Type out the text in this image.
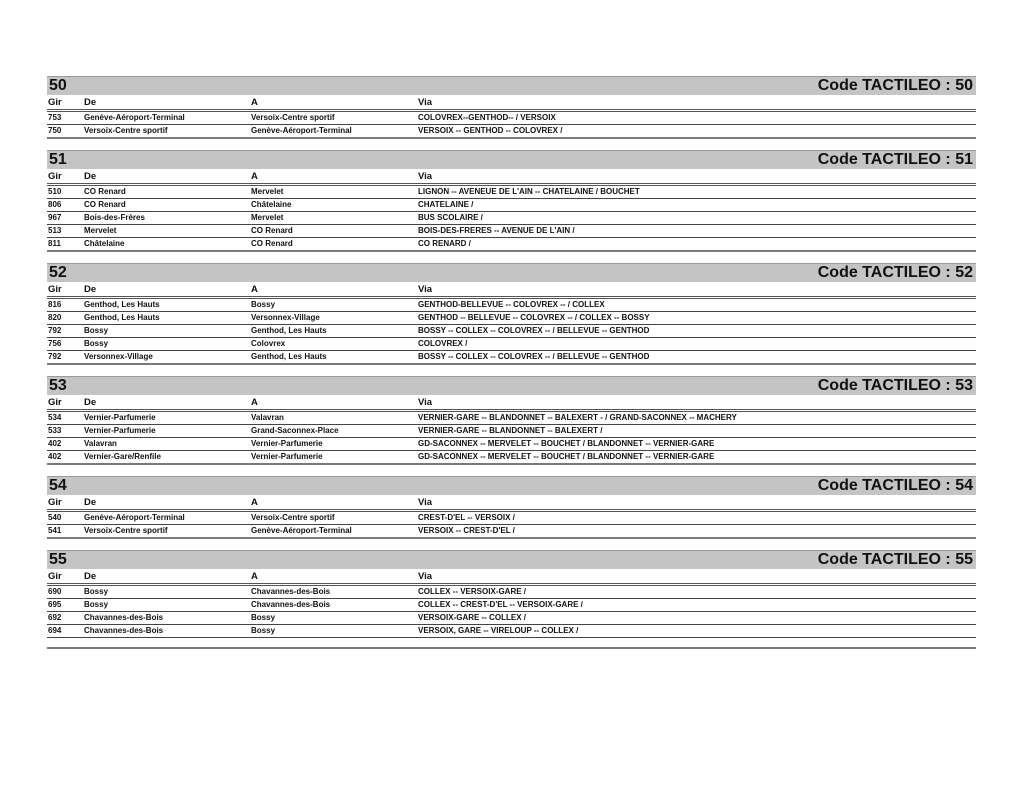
50	Code TACTILEO : 50
Gir	De	A	Via
753	Genève-Aéroport-Terminal	Versoix-Centre sportif	COLOVREX--GENTHOD-- / VERSOIX
750	Versoix-Centre sportif	Genève-Aéroport-Terminal	VERSOIX -- GENTHOD -- COLOVREX /
51	Code TACTILEO : 51
Gir	De	A	Via
510	CO Renard	Mervelet	LIGNON -- AVENEUE DE L'AIN -- CHATELAINE / BOUCHET
806	CO Renard	Châtelaine	CHATELAINE /
967	Bois-des-Frères	Mervelet	BUS SCOLAIRE /
513	Mervelet	CO Renard	BOIS-DES-FRERES -- AVENUE DE L'AIN /
811	Châtelaine	CO Renard	CO RENARD /
52	Code TACTILEO : 52
Gir	De	A	Via
816	Genthod, Les Hauts	Bossy	GENTHOD-BELLEVUE -- COLOVREX -- / COLLEX
820	Genthod, Les Hauts	Versonnex-Village	GENTHOD -- BELLEVUE -- COLOVREX -- / COLLEX -- BOSSY
792	Bossy	Genthod, Les Hauts	BOSSY -- COLLEX -- COLOVREX -- / BELLEVUE -- GENTHOD
756	Bossy	Colovrex	COLOVREX /
792	Versonnex-Village	Genthod, Les Hauts	BOSSY -- COLLEX -- COLOVREX -- / BELLEVUE -- GENTHOD
53	Code TACTILEO : 53
Gir	De	A	Via
534	Vernier-Parfumerie	Valavran	VERNIER-GARE -- BLANDONNET -- BALEXERT - / GRAND-SACONNEX -- MACHERY
533	Vernier-Parfumerie	Grand-Saconnex-Place	VERNIER-GARE -- BLANDONNET -- BALEXERT /
402	Valavran	Vernier-Parfumerie	GD-SACONNEX -- MERVELET -- BOUCHET / BLANDONNET -- VERNIER-GARE
402	Vernier-Gare/Renfile	Vernier-Parfumerie	GD-SACONNEX -- MERVELET -- BOUCHET / BLANDONNET -- VERNIER-GARE
54	Code TACTILEO : 54
Gir	De	A	Via
540	Genève-Aéroport-Terminal	Versoix-Centre sportif	CREST-D'EL -- VERSOIX /
541	Versoix-Centre sportif	Genève-Aéroport-Terminal	VERSOIX -- CREST-D'EL /
55	Code TACTILEO : 55
Gir	De	A	Via
690	Bossy	Chavannes-des-Bois	COLLEX -- VERSOIX-GARE /
695	Bossy	Chavannes-des-Bois	COLLEX -- CREST-D'EL -- VERSOIX-GARE /
692	Chavannes-des-Bois	Bossy	VERSOIX-GARE -- COLLEX /
694	Chavannes-des-Bois	Bossy	VERSOIX, GARE -- VIRELOUP -- COLLEX /
